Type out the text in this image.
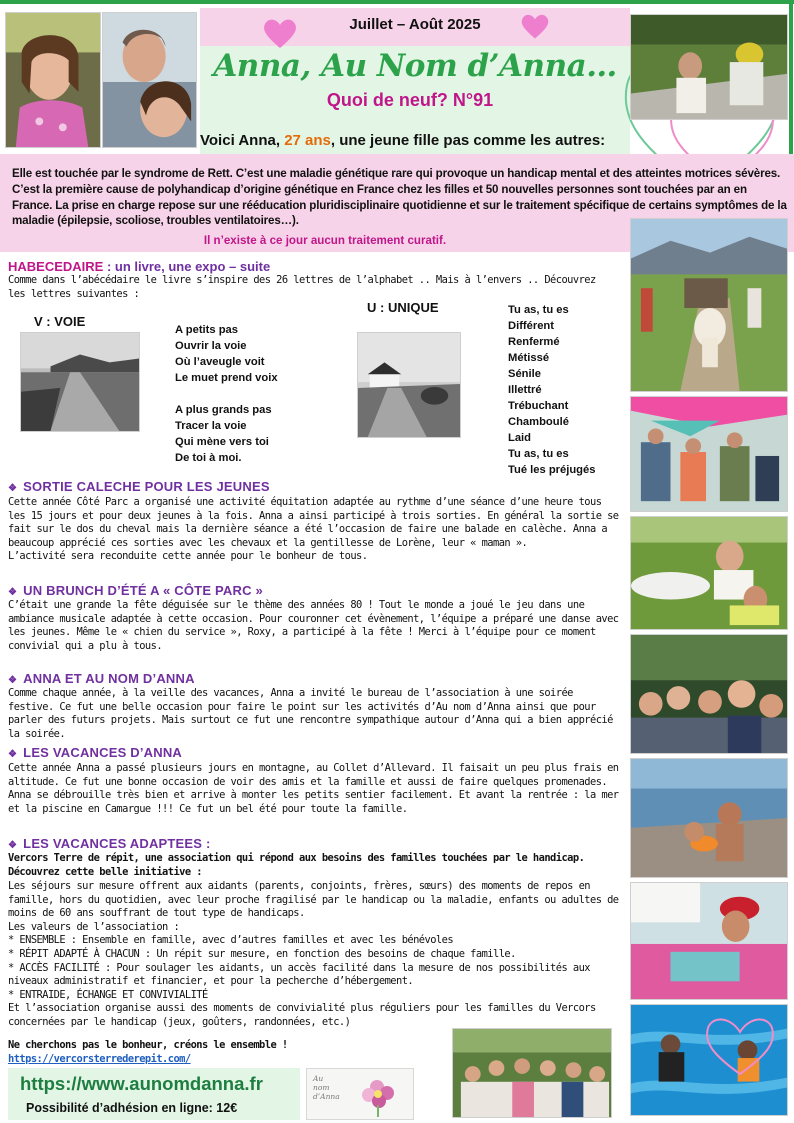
Juillet – Août 2025
Anna, Au Nom d’Anna…
Quoi de neuf? N°91
Voici Anna, 27 ans, une jeune fille pas comme les autres:
Elle est touchée par le syndrome de Rett. C’est une maladie génétique rare qui provoque un handicap mental et des atteintes motrices sévères. C’est la première cause de polyhandicap d’origine génétique en France chez les filles et 50 nouvelles personnes sont touchées par an en France. La prise en charge repose sur une rééducation pluridisciplinaire quotidienne et sur le traitement spécifique de certains symptômes de la maladie (épilepsie, scoliose, troubles ventilatoires…).
Il n’existe à ce jour aucun traitement curatif.
HABECEDAIRE : un livre, une expo – suite
Comme dans l’abécédaire le livre s’inspire des 26 lettres de l’alphabet .. Mais à l’envers .. Découvrez les lettres suivantes :
V : VOIE
A petits pas
Ouvrir la voie
Où l’aveugle voit
Le muet prend voix
A plus grands pas
Tracer la voie
Qui mène vers toi
De toi à moi.
U : UNIQUE	Tu as, tu es
Différent
Renfermé
Métissé
Sénile
Illettré
Trébuchant
Chamboulé
Laid
Tu as, tu es
Tué les préjugés
❖ SORTIE CALECHE POUR LES JEUNES
Cette année Côté Parc a organisé une activité équitation adaptée au rythme d’une séance d’une heure tous les 15 jours et pour deux jeunes à la fois. Anna a ainsi participé à trois sorties. En général la sortie se fait sur le dos du cheval mais la dernière séance a été l’occasion de faire une balade en calèche. Anna a beaucoup apprécié ces sorties avec les chevaux et la gentillesse de Lorène, leur « maman ».
L’activité sera reconduite cette année pour le bonheur de tous.
❖ UN BRUNCH D’ÉTÉ A « CÔTE PARC »
C’était une grande la fête déguisée sur le thème des années 80 ! Tout le monde a joué le jeu dans une ambiance musicale adaptée à cette occasion. Pour couronner cet évènement, l’équipe a préparé une danse avec les jeunes. Même le « chien du service », Roxy, a participé à la fête ! Merci à l’équipe pour ce moment convivial qui a plu à tous.
❖ ANNA ET AU NOM D’ANNA
Comme chaque année, à la veille des vacances, Anna a invité le bureau de l’association à une soirée festive. Ce fut une belle occasion pour faire le point sur les activités d’Au nom d’Anna ainsi que pour parler des futurs projets. Mais surtout ce fut une rencontre sympathique autour d’Anna qui a bien apprécié la soirée.
❖ LES VACANCES D’ANNA
Cette année Anna a passé plusieurs jours en montagne, au Collet d’Allevard. Il faisait un peu plus frais en altitude. Ce fut une bonne occasion de voir des amis et la famille et aussi de faire quelques promenades. Anna se débrouille très bien et arrive à monter les petits sentier facilement. Et avant la rentrée : la mer et la piscine en Camargue !!! Ce fut un bel été pour toute la famille.
❖ LES VACANCES ADAPTEES :
Vercors Terre de répit, une association qui répond aux besoins des familles touchées par le handicap. Découvrez cette belle initiative :
Les séjours sur mesure offrent aux aidants (parents, conjoints, frères, sœurs) des moments de repos en famille, hors du quotidien, avec leur proche fragilisé par le handicap ou la maladie, enfants ou adultes de moins de 60 ans souffrant de tout type de handicaps.
Les valeurs de l’association :
* ENSEMBLE : Ensemble en famille, avec d’autres familles et avec les bénévoles
* RÉPIT ADAPTÉ À CHACUN : Un répit sur mesure, en fonction des besoins de chaque famille.
* ACCÈS FACILITÉ : Pour soulager les aidants, un accès facilité dans la mesure de nos possibilités aux niveaux administratif et financier, et pour la pecherche d’hébergement.
* ENTRAIDE, ÉCHANGE ET CONVIVIALITÉ
Et l’association organise aussi des moments de convivialité plus réguliers pour les familles du Vercors concernées par le handicap (jeux, goûters, randonnées, etc.)
Ne cherchons pas le bonheur, créons le ensemble !
https://vercorsterrederepit.com/
https://www.aunomdanna.fr
Possibilité d’adhésion en ligne: 12€
Au
nom
d’Anna
